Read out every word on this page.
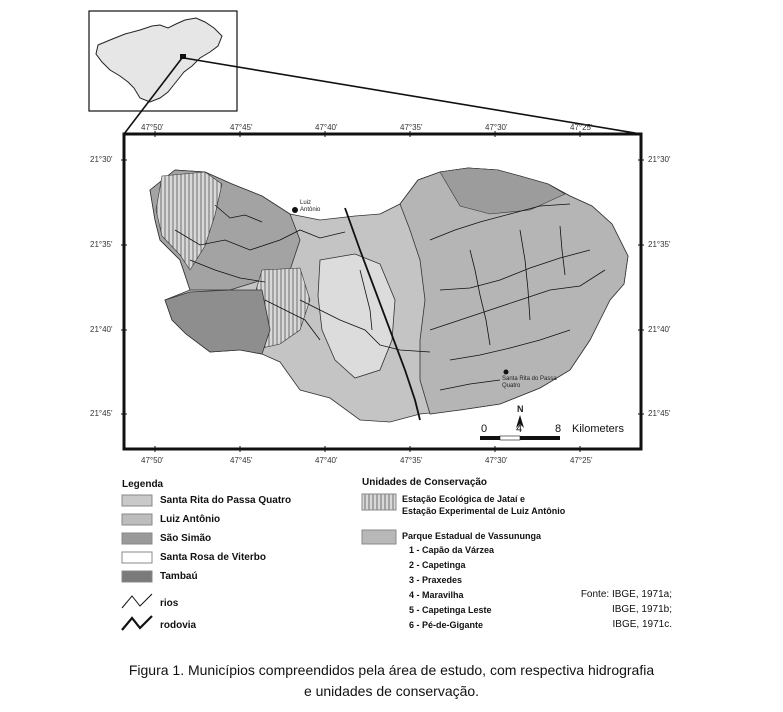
47°50'	47°45'	47°40'	47°35'	47°30'	47°25'
47°50'	47°45'	47°40'	47°35'	47°30'	47°25'
21°30'
21°35'
21°40'
21°45'
21°30'
21°35'
21°40'
21°45'
Luiz Antônio
Santa Rita do Passa Quatro
N
0	4	8 Kilometers
Legenda
Santa Rita do Passa Quatro
Luiz Antônio
São Simão
Santa Rosa de Viterbo
Tambaú
rios
rodovia
Unidades de Conservação
Estação Ecológica de Jataí e
Estação Experimental de Luiz Antônio
Parque Estadual de Vassununga
1 - Capão da Várzea
2 - Capetinga
3 - Praxedes
4 - Maravilha
5 - Capetinga Leste
6 - Pé-de-Gigante
Fonte: IBGE, 1971a;
IBGE, 1971b;
IBGE, 1971c.
Figura 1. Municípios compreendidos pela área de estudo, com respectiva hidrografia
e unidades de conservação.
